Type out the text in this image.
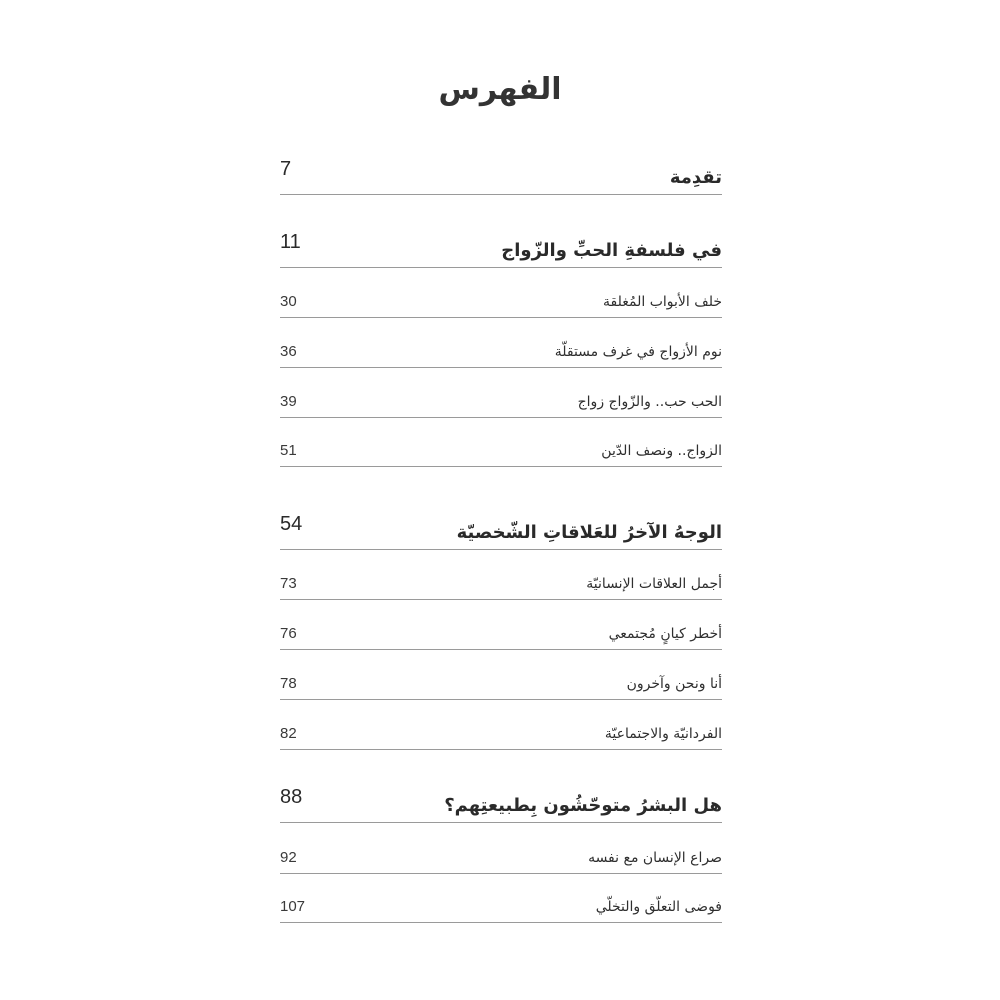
الفهرس
7	تقدِمة
11	في فلسفةِ الحبِّ والزّواج
30	خلف الأبواب المُغلقة
36	نوم الأزواج في غرف مستقلّة
39	الحب حب.. والزّواج زواج
51	الزواج.. ونصف الدّين
54	الوجهُ الآخرُ للعَلاقاتِ الشّخصيّة
73	أجمل العلاقات الإنسانيّة
76	أخطر كيانٍ مُجتمعي
78	أنا ونحن وآخرون
82	الفردانيّة والاجتماعيّة
88	هل البشرُ متوحّشُون بِطبيعتِهم؟
92	صراع الإنسان مع نفسه
107	فوضى التعلّق والتخلّي
